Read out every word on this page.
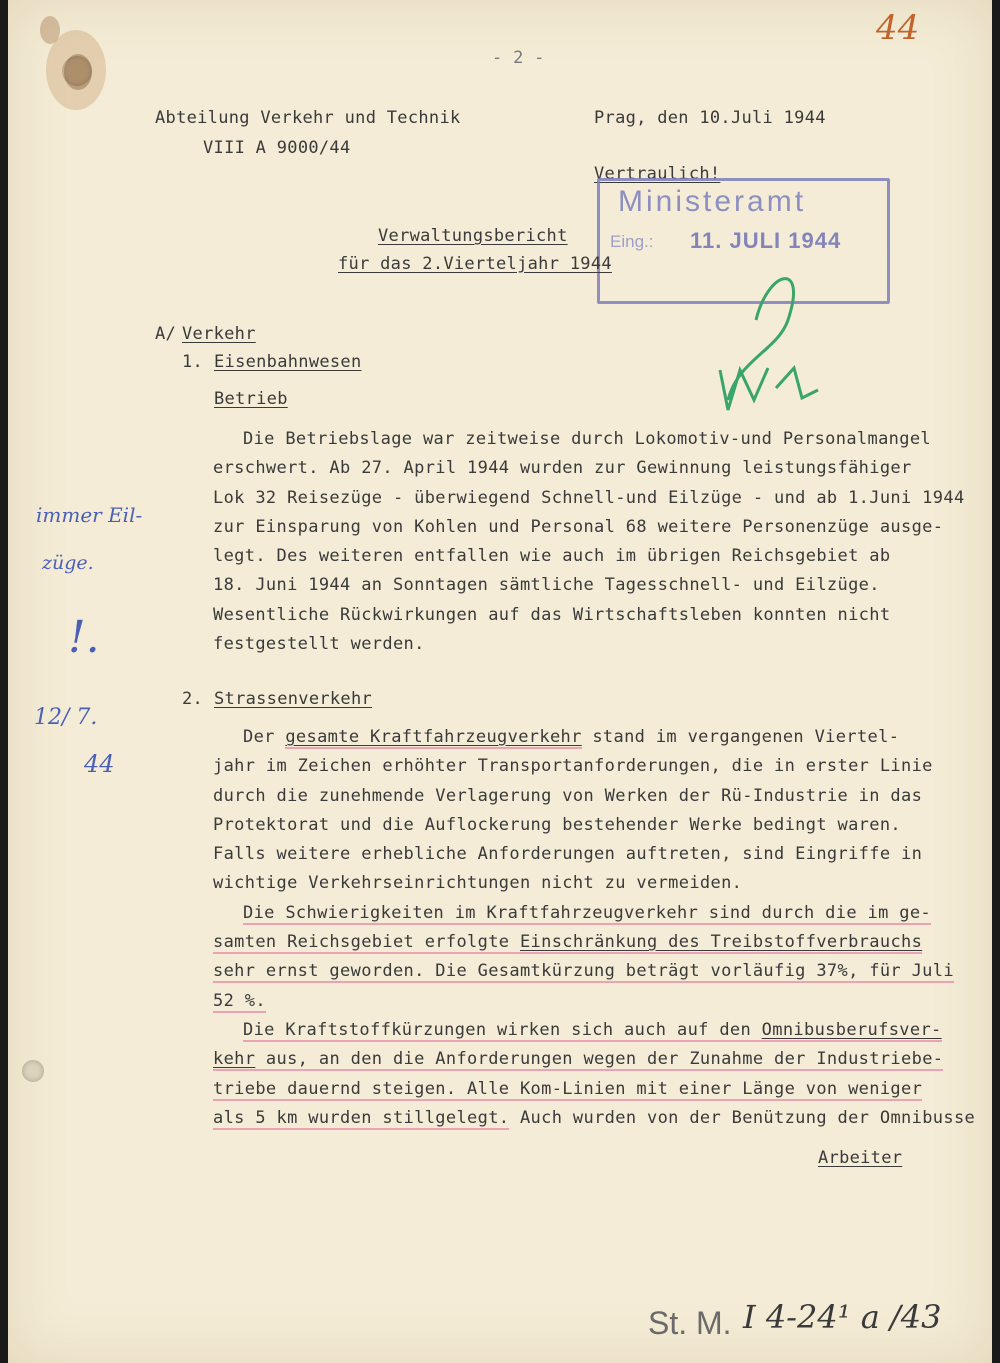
44
- 2 -
Abteilung Verkehr und Technik
VIII A 9000/44
Prag, den 10.Juli 1944
Vertraulich!
Ministeramt
Eing.: 11. JULI 1944
Verwaltungsbericht
für das 2.Vierteljahr 1944
A/ Verkehr
1. Eisenbahnwesen
Betrieb
Die Betriebslage war zeitweise durch Lokomotiv-und Personalmangel
erschwert. Ab 27. April 1944 wurden zur Gewinnung leistungsfähiger
Lok 32 Reisezüge - überwiegend Schnell-und Eilzüge - und ab 1.Juni 1944
zur Einsparung von Kohlen und Personal 68 weitere Personenzüge ausge-
legt. Des weiteren entfallen wie auch im übrigen Reichsgebiet ab
18. Juni 1944 an Sonntagen sämtliche Tagesschnell- und Eilzüge.
Wesentliche Rückwirkungen auf das Wirtschaftsleben konnten nicht
festgestellt werden.
2. Strassenverkehr
Der gesamte Kraftfahrzeugverkehr stand im vergangenen Viertel-
jahr im Zeichen erhöhter Transportanforderungen, die in erster Linie
durch die zunehmende Verlagerung von Werken der Rü-Industrie in das
Protektorat und die Auflockerung bestehender Werke bedingt waren.
Falls weitere erhebliche Anforderungen auftreten, sind Eingriffe in
wichtige Verkehrseinrichtungen nicht zu vermeiden.
Die Schwierigkeiten im Kraftfahrzeugverkehr sind durch die im ge-
samten Reichsgebiet erfolgte Einschränkung des Treibstoffverbrauchs
sehr ernst geworden. Die Gesamtkürzung beträgt vorläufig 37%, für Juli
52 %.
Die Kraftstoffkürzungen wirken sich auch auf den Omnibusberufsver-
kehr aus, an den die Anforderungen wegen der Zunahme der Industriebe-
triebe dauernd steigen. Alle Kom-Linien mit einer Länge von weniger
als 5 km wurden stillgelegt. Auch wurden von der Benützung der Omnibusse
Arbeiter
immer Eil-
züge.
!.
12/ 7.
44
St. M. I 4-24¹ a /43
